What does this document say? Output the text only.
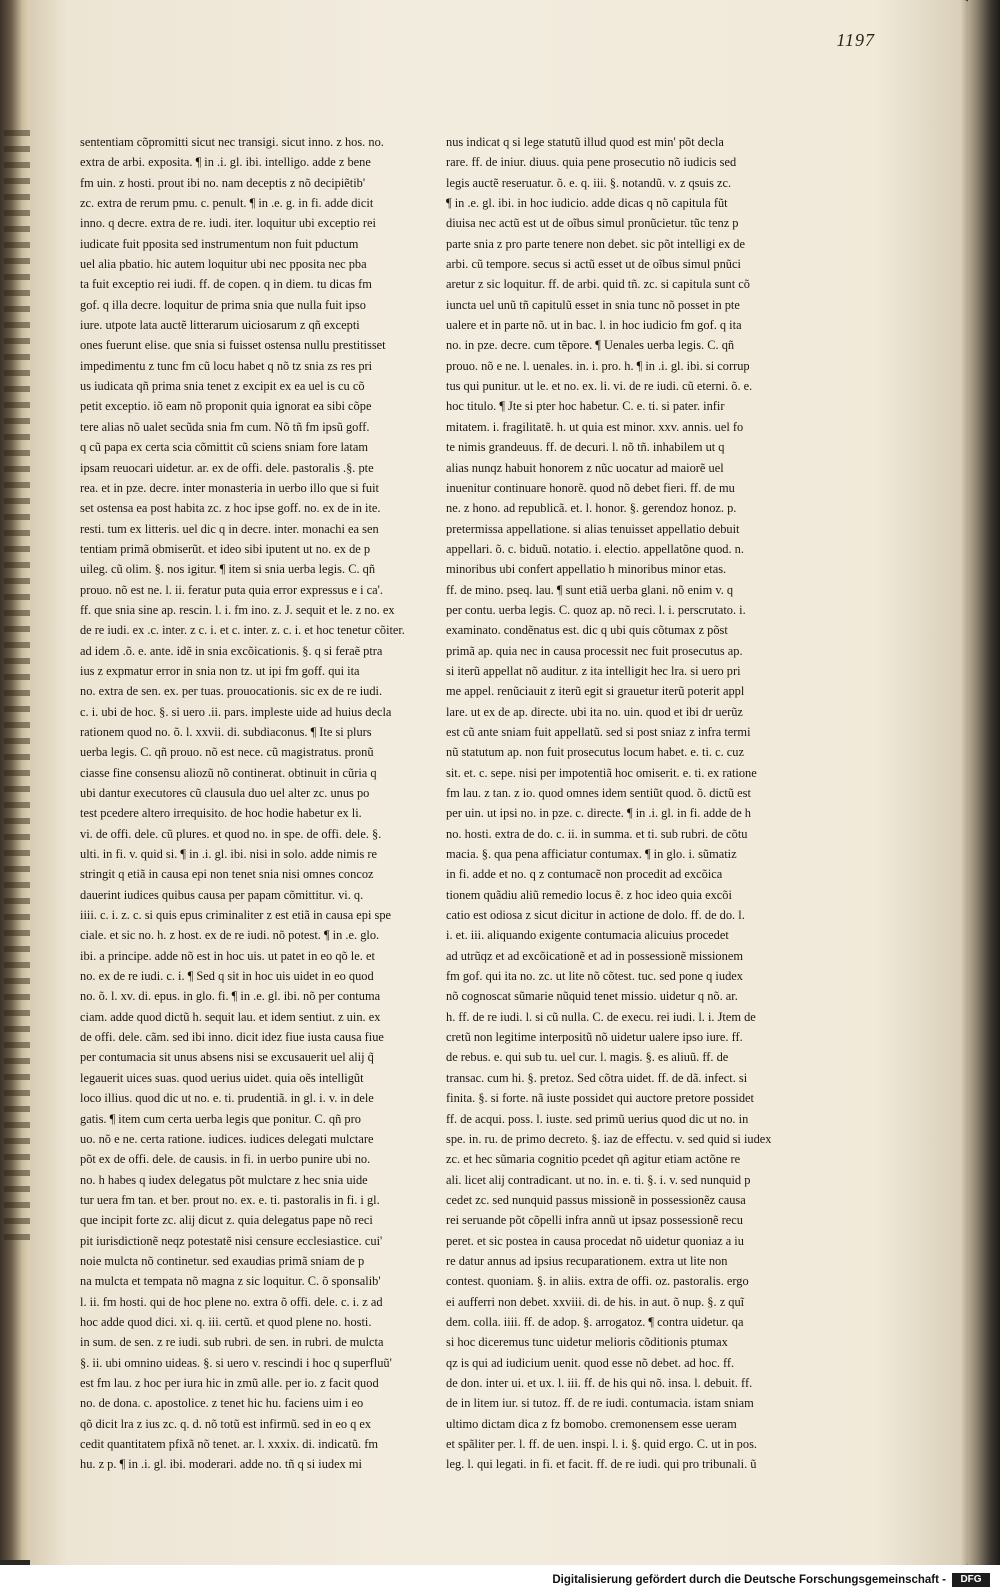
1197
sententiam cõpromitti sicut nec transigi. sicut inno. z hos. no.
extra de arbi. exposita. ¶ in .i. gl. ibi. intelligo. adde z bene
fm uin. z hosti. prout ibi no. nam deceptis z nõ decipiẽtib'
zc. extra de rerum pmu. c. penult. ¶ in .e. g. in fi. adde dicit
inno. q decre. extra de re. iudi. iter. loquitur ubi exceptio rei
iudicate fuit pposita sed instrumentum non fuit pductum
uel alia pbatio. hic autem loquitur ubi nec pposita nec pba
ta fuit exceptio rei iudi. ff. de copen. q in diem. tu dicas fm
gof. q illa decre. loquitur de prima snia que nulla fuit ipso
iure. utpote lata auctẽ litterarum uiciosarum z qñ excepti
ones fuerunt elise. que snia si fuisset ostensa nullu prestitisset
impedimentu z tunc fm cũ locu habet q nõ tz snia zs res pri
us iudicata qñ prima snia tenet z excipit ex ea uel is cu cõ
petit exceptio. iõ eam nõ proponit quia ignorat ea sibi cõpe
tere alias nõ ualet secũda snia fm cum. Nõ tñ fm ipsũ goff.
q cũ papa ex certa scia cõmittit cũ sciens sniam fore latam
ipsam reuocari uidetur. ar. ex de offi. dele. pastoralis .§. pte
rea. et in pze. decre. inter monasteria in uerbo illo que si fuit
set ostensa ea post habita zc. z hoc ipse goff. no. ex de in ite.
resti. tum ex litteris. uel dic q in decre. inter. monachi ea sen
tentiam primã obmiserũt. et ideo sibi iputent ut no. ex de p
uileg. cũ olim. §. nos igitur. ¶ item si snia uerba legis. C. qñ
prouo. nõ est ne. l. ii. feratur puta quia error expressus e i ca'.
ff. que snia sine ap. rescin. l. i. fm ino. z. J. sequit et le. z no. ex
de re iudi. ex .c. inter. z c. i. et c. inter. z. c. i. et hoc tenetur cõiter.
ad idem .õ. e. ante. idẽ in snia excõicationis. §. q si feraẽ ptra
ius z expmatur error in snia non tz. ut ipi fm goff. qui ita
no. extra de sen. ex. per tuas. prouocationis. sic ex de re iudi.
c. i. ubi de hoc. §. si uero .ii. pars. impleste uide ad huius decla
rationem quod no. õ. l. xxvii. di. subdiaconus. ¶ Ite si plurs
uerba legis. C. qñ prouo. nõ est nece. cũ magistratus. pronũ
ciasse fine consensu aliozũ nõ continerat. obtinuit in cũria q
ubi dantur executores cũ clausula duo uel alter zc. unus po
test pcedere altero irrequisito. de hoc hodie habetur ex li.
vi. de offi. dele. cũ plures. et quod no. in spe. de offi. dele. §.
ulti. in fi. v. quid si. ¶ in .i. gl. ibi. nisi in solo. adde nimis re
stringit q etiã in causa epi non tenet snia nisi omnes concoz
dauerint iudices quibus causa per papam cõmittitur. vi. q.
iiii. c. i. z. c. si quis epus criminaliter z est etiã in causa epi spe
ciale. et sic no. h. z host. ex de re iudi. nõ potest. ¶ in .e. glo.
ibi. a principe. adde nõ est in hoc uis. ut patet in eo qõ le. et
no. ex de re iudi. c. i. ¶ Sed q sit in hoc uis uidet in eo quod
no. õ. l. xv. di. epus. in glo. fi. ¶ in .e. gl. ibi. nõ per contuma
ciam. adde quod dictũ h. sequit lau. et idem sentiut. z uin. ex
de offi. dele. cãm. sed ibi inno. dicit idez fiue iusta causa fiue
per contumacia sit unus absens nisi se excusauerit uel alij q̃
legauerit uices suas. quod uerius uidet. quia oẽs intelligũt
loco illius. quod dic ut no. e. ti. prudentiã. in gl. i. v. in dele
gatis. ¶ item cum certa uerba legis que ponitur. C. qñ pro
uo. nõ e ne. certa ratione. iudices. iudices delegati mulctare
põt ex de offi. dele. de causis. in fi. in uerbo punire ubi no.
no. h habes q iudex delegatus põt mulctare z hec snia uide
tur uera fm tan. et ber. prout no. ex. e. ti. pastoralis in fi. i gl.
que incipit forte zc. alij dicut z. quia delegatus pape nõ reci
pit iurisdictionẽ neqz potestatẽ nisi censure ecclesiastice. cui'
noie mulcta nõ continetur. sed exaudias primã sniam de p
na mulcta et tempata nõ magna z sic loquitur. C. õ sponsalib'
l. ii. fm hosti. qui de hoc plene no. extra õ offi. dele. c. i. z ad
hoc adde quod dici. xi. q. iii. certũ. et quod plene no. hosti.
in sum. de sen. z re iudi. sub rubri. de sen. in rubri. de mulcta
§. ii. ubi omnino uideas. §. si uero v. rescindi i hoc q superfluũ'
est fm lau. z hoc per iura hic in zmũ alle. per io. z facit quod
no. de dona. c. apostolice. z tenet hic hu. faciens uim i eo
qõ dicit lra z ius zc. q. d. nõ totũ est infirmũ. sed in eo q ex
cedit quantitatem pfixã nõ tenet. ar. l. xxxix. di. indicatũ. fm
hu. z p. ¶ in .i. gl. ibi. moderari. adde no. tñ q si iudex mi
nus indicat q si lege statutũ illud quod est min' põt decla
rare. ff. de iniur. diuus. quia pene prosecutio nõ iudicis sed
legis auctẽ reseruatur. õ. e. q. iii. §. notandũ. v. z qsuis zc.
¶ in .e. gl. ibi. in hoc iudicio. adde dicas q nõ capitula fũt
diuisa nec actũ est ut de oĩbus simul pronũcietur. tũc tenz p
parte snia z pro parte tenere non debet. sic põt intelligi ex de
arbi. cũ tempore. secus si actũ esset ut de oĩbus simul pnũci
aretur z sic loquitur. ff. de arbi. quid tñ. zc. si capitula sunt cõ
iuncta uel unũ tñ capitulũ esset in snia tunc nõ posset in pte
ualere et in parte nõ. ut in bac. l. in hoc iudicio fm gof. q ita
no. in pze. decre. cum tẽpore. ¶ Uenales uerba legis. C. qñ
prouo. nõ e ne. l. uenales. in. i. pro. h. ¶ in .i. gl. ibi. si corrup
tus qui punitur. ut le. et no. ex. li. vi. de re iudi. cũ eterni. õ. e.
hoc titulo. ¶ Jte si pter hoc habetur. C. e. ti. si pater. infir
mitatem. i. fragilitatẽ. h. ut quia est minor. xxv. annis. uel fo
te nimis grandeuus. ff. de decuri. l. nõ tñ. inhabilem ut q
alias nunqz habuit honorem z nũc uocatur ad maiorẽ uel
inuenitur continuare honorẽ. quod nõ debet fieri. ff. de mu
ne. z hono. ad republicã. et. l. honor. §. gerendoz honoz. p.
pretermissa appellatione. si alias tenuisset appellatio debuit
appellari. õ. c. biduũ. notatio. i. electio. appellatõne quod. n.
minoribus ubi confert appellatio h minoribus minor etas.
ff. de mino. pseq. lau. ¶ sunt etiã uerba glani. nõ enim v. q
per contu. uerba legis. C. quoz ap. nõ reci. l. i. perscrutato. i.
examinato. condẽnatus est. dic q ubi quis cõtumax z põst
primã ap. quia nec in causa processit nec fuit prosecutus ap.
si iterũ appellat nõ auditur. z ita intelligit hec lra. si uero pri
me appel. renũciauit z iterũ egit si grauetur iterũ poterit appl
lare. ut ex de ap. directe. ubi ita no. uin. quod et ibi dr uerũz
est cũ ante sniam fuit appellatũ. sed si post sniaz z infra termi
nũ statutum ap. non fuit prosecutus locum habet. e. ti. c. cuz
sit. et. c. sepe. nisi per impotentiã hoc omiserit. e. ti. ex ratione
fm lau. z tan. z io. quod omnes idem sentiũt quod. õ. dictũ est
per uin. ut ipsi no. in pze. c. directe. ¶ in .i. gl. in fi. adde de h
no. hosti. extra de do. c. ii. in summa. et ti. sub rubri. de cõtu
macia. §. qua pena afficiatur contumax. ¶ in glo. i. sũmatiz
in fi. adde et no. q z contumacẽ non procedit ad excõica
tionem quãdiu aliũ remedio locus ẽ. z hoc ideo quia excõi
catio est odiosa z sicut dicitur in actione de dolo. ff. de do. l.
i. et. iii. aliquando exigente contumacia alicuius procedet
ad utrũqz et ad excõicationẽ et ad in possessionẽ missionem
fm gof. qui ita no. zc. ut lite nõ cõtest. tuc. sed pone q iudex
nõ cognoscat sũmarie nũquid tenet missio. uidetur q nõ. ar.
h. ff. de re iudi. l. si cũ nulla. C. de execu. rei iudi. l. i. Jtem de
cretũ non legitime interpositũ nõ uidetur ualere ipso iure. ff.
de rebus. e. qui sub tu. uel cur. l. magis. §. es aliuũ. ff. de
transac. cum hi. §. pretoz. Sed cõtra uidet. ff. de dã. infect. si
finita. §. si forte. nã iuste possidet qui auctore pretore possidet
ff. de acqui. poss. l. iuste. sed primũ uerius quod dic ut no. in
spe. in. ru. de primo decreto. §. iaz de effectu. v. sed quid si iudex
zc. et hec sũmaria cognitio pcedet qñ agitur etiam actõne re
ali. licet alij contradicant. ut no. in. e. ti. §. i. v. sed nunquid p
cedet zc. sed nunquid passus missionẽ in possessionẽz causa
rei seruande põt cõpelli infra annũ ut ipsaz possessionẽ recu
peret. et sic postea in causa procedat nõ uidetur quoniaz a iu
re datur annus ad ipsius recuparationem. extra ut lite non
contest. quoniam. §. in aliis. extra de offi. oz. pastoralis. ergo
ei aufferri non debet. xxviii. di. de his. in aut. õ nup. §. z quĩ
dem. colla. iiii. ff. de adop. §. arrogatoz. ¶ contra uidetur. qa
si hoc diceremus tunc uidetur melioris cõditionis ptumax
qz is qui ad iudicium uenit. quod esse nõ debet. ad hoc. ff.
de don. inter ui. et ux. l. iii. ff. de his qui nõ. insa. l. debuit. ff.
de in litem iur. si tutoz. ff. de re iudi. contumacia. istam sniam
ultimo dictam dica z fz bomobo. cremonensem esse ueram
et spãliter per. l. ff. de uen. inspi. l. i. §. quid ergo. C. ut in pos.
leg. l. qui legati. in fi. et facit. ff. de re iudi. qui pro tribunali. ũ
Digitalisierung gefördert durch die Deutsche Forschungsgemeinschaft -	DFG
